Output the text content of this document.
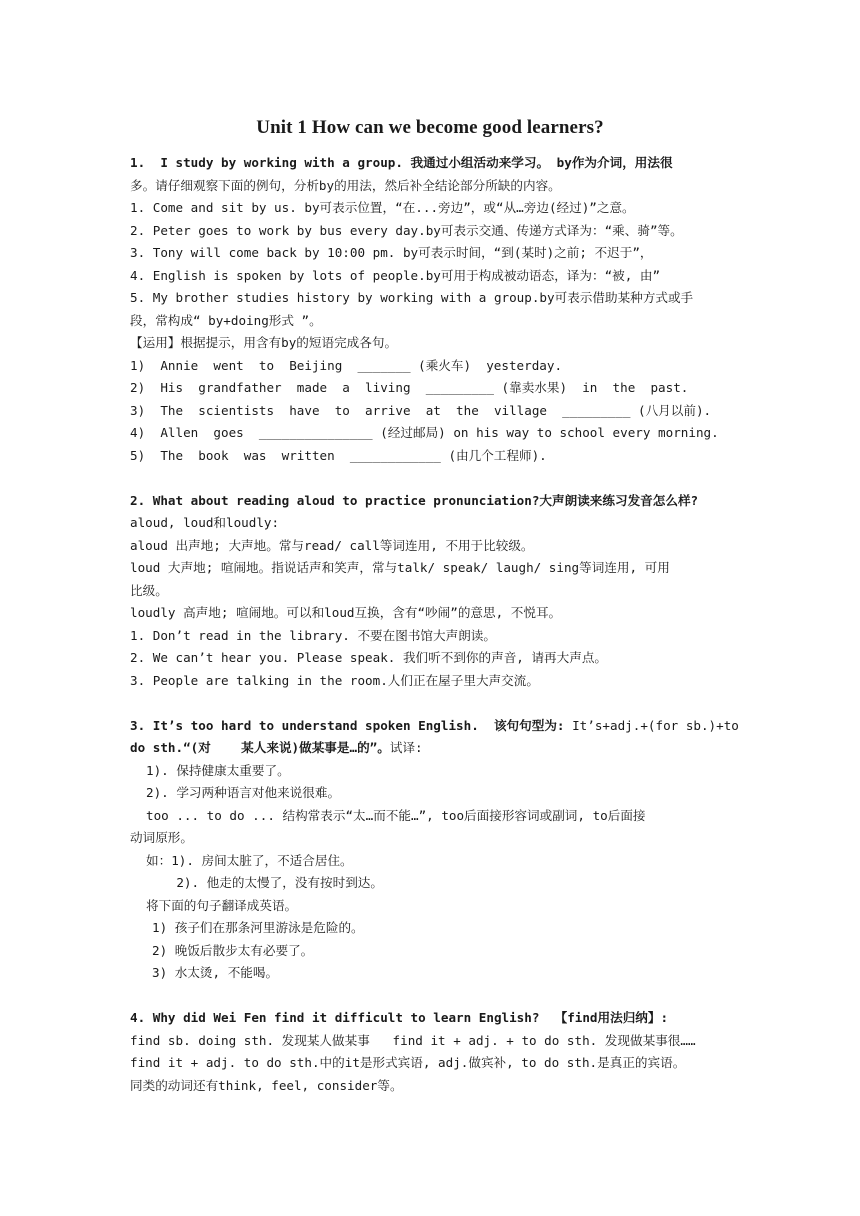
Unit 1 How can we become good learners?
1.  I study by working with a group. 我通过小组活动来学习。 by作为介词，用法很
多。请仔细观察下面的例句，分析by的用法，然后补全结论部分所缺的内容。
1. Come and sit by us. by可表示位置，“在...旁边”，或“从…旁边(经过)”之意。
2. Peter goes to work by bus every day.by可表示交通、传递方式译为：“乘、骑”等。
3. Tony will come back by 10:00 pm. by可表示时间，“到(某时)之前; 不迟于”，
4. English is spoken by lots of people.by可用于构成被动语态，译为：“被, 由”
5. My brother studies history by working with a group.by可表示借助某种方式或手
段，常构成“ by+doing形式 ”。
【运用】根据提示，用含有by的短语完成各句。
1)  Annie  went  to  Beijing  _______ (乘火车)  yesterday.
2)  His  grandfather  made  a  living  _________ (靠卖水果)  in  the  past.
3)  The  scientists  have  to  arrive  at  the  village  _________ (八月以前).
4)  Allen  goes  _______________ (经过邮局) on his way to school every morning.
5)  The  book  was  written  ____________ (由几个工程师).
2. What about reading aloud to practice pronunciation?大声朗读来练习发音怎么样?
aloud, loud和loudly:
aloud 出声地; 大声地。常与read/ call等词连用, 不用于比较级。
loud 大声地; 喧闹地。指说话声和笑声，常与talk/ speak/ laugh/ sing等词连用, 可用
比级。
loudly 高声地; 喧闹地。可以和loud互换，含有“吵闹”的意思, 不悦耳。
1. Don’t read in the library. 不要在图书馆大声朗读。
2. We can’t hear you. Please speak. 我们听不到你的声音, 请再大声点。
3. People are talking in the room.人们正在屋子里大声交流。
3. It’s too hard to understand spoken English.  该句句型为: It’s+adj.+(for sb.)+to
do sth.“(对    某人来说)做某事是…的”。试译:
1). 保持健康太重要了。
2). 学习两种语言对他来说很难。
too ... to do ... 结构常表示“太…而不能…”, too后面接形容词或副词, to后面接
动词原形。
如：1). 房间太脏了，不适合居住。
2). 他走的太慢了，没有按时到达。
将下面的句子翻译成英语。
1) 孩子们在那条河里游泳是危险的。
2) 晚饭后散步太有必要了。
3) 水太烫, 不能喝。
4. Why did Wei Fen find it difficult to learn English?  【find用法归纳】:
find sb. doing sth. 发现某人做某事   find it + adj. + to do sth. 发现做某事很……
find it + adj. to do sth.中的it是形式宾语, adj.做宾补, to do sth.是真正的宾语。
同类的动词还有think, feel, consider等。
